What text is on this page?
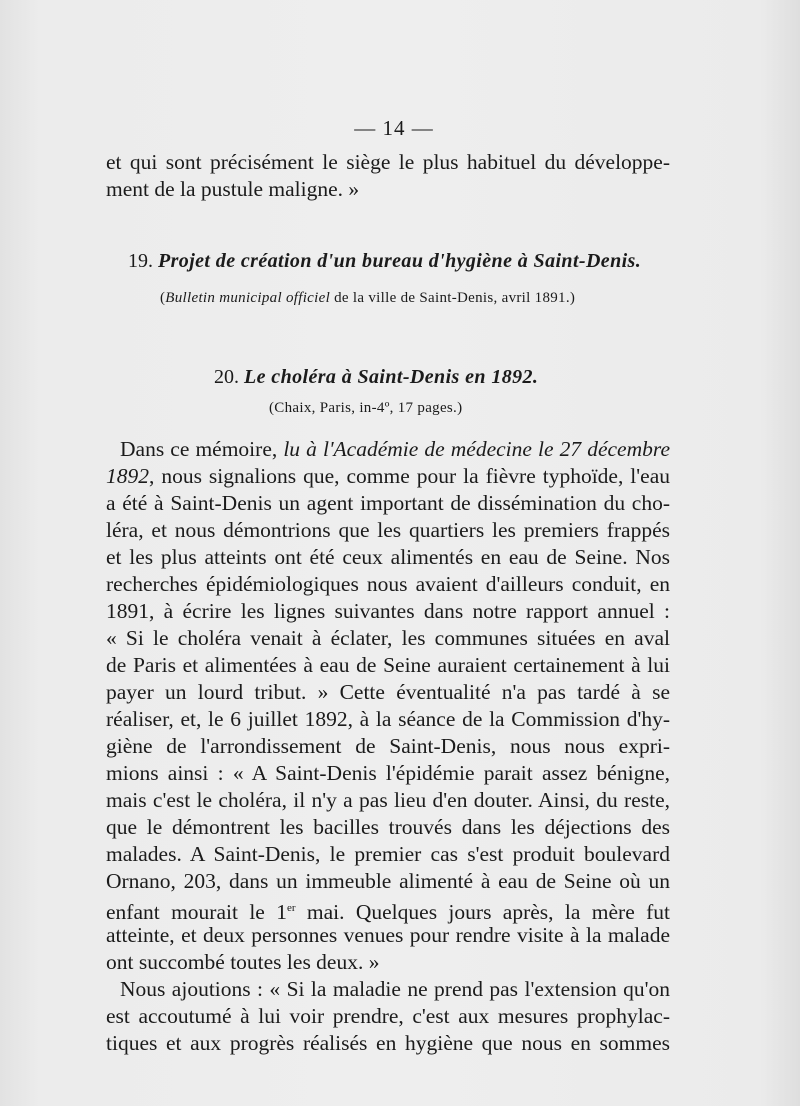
— 14 —
et qui sont précisément le siège le plus habituel du développe-
ment de la pustule maligne. »
19. Projet de création d'un bureau d'hygiène à Saint-Denis.
(Bulletin municipal officiel de la ville de Saint-Denis, avril 1891.)
20. Le choléra à Saint-Denis en 1892.
(Chaix, Paris, in-4º, 17 pages.)
Dans ce mémoire, lu à l'Académie de médecine le 27 décembre
1892, nous signalions que, comme pour la fièvre typhoïde, l'eau
a été à Saint-Denis un agent important de dissémination du cho-
léra, et nous démontrions que les quartiers les premiers frappés
et les plus atteints ont été ceux alimentés en eau de Seine. Nos
recherches épidémiologiques nous avaient d'ailleurs conduit, en
1891, à écrire les lignes suivantes dans notre rapport annuel :
« Si le choléra venait à éclater, les communes situées en aval
de Paris et alimentées à eau de Seine auraient certainement à lui
payer un lourd tribut. » Cette éventualité n'a pas tardé à se
réaliser, et, le 6 juillet 1892, à la séance de la Commission d'hy-
giène de l'arrondissement de Saint-Denis, nous nous expri-
mions ainsi : « A Saint-Denis l'épidémie parait assez bénigne,
mais c'est le choléra, il n'y a pas lieu d'en douter. Ainsi, du reste,
que le démontrent les bacilles trouvés dans les déjections des
malades. A Saint-Denis, le premier cas s'est produit boulevard
Ornano, 203, dans un immeuble alimenté à eau de Seine où un
enfant mourait le 1er mai. Quelques jours après, la mère fut
atteinte, et deux personnes venues pour rendre visite à la malade
ont succombé toutes les deux. »
Nous ajoutions : « Si la maladie ne prend pas l'extension qu'on
est accoutumé à lui voir prendre, c'est aux mesures prophylac-
tiques et aux progrès réalisés en hygiène que nous en sommes
